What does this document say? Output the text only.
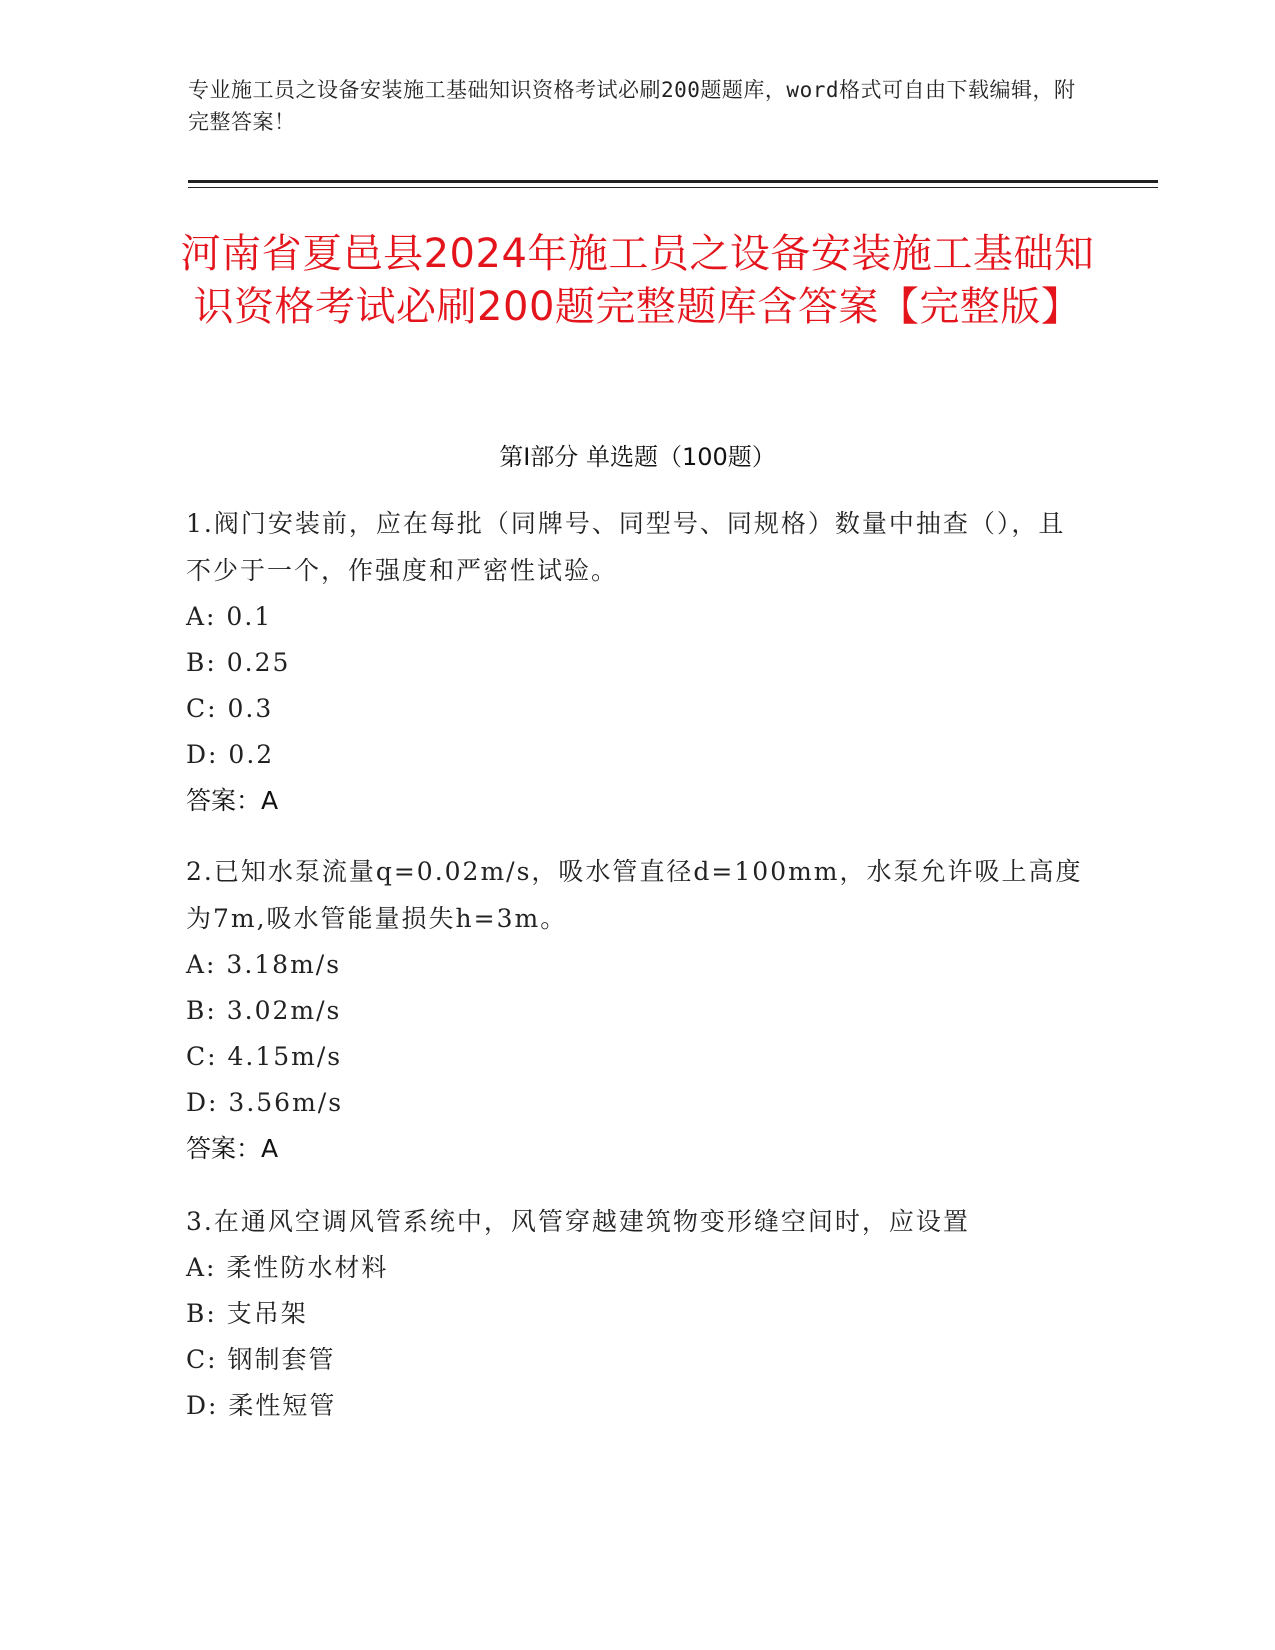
专业施工员之设备安装施工基础知识资格考试必刷200题题库，word格式可自由下载编辑，附完整答案！
河南省夏邑县2024年施工员之设备安装施工基础知识资格考试必刷200题完整题库含答案【完整版】
第Ⅰ部分 单选题（100题）

1.阀门安装前，应在每批（同牌号、同型号、同规格）数量中抽查（），且不少于一个，作强度和严密性试验。

A: 0.1

B: 0.25

C: 0.3

D: 0.2

答案：A

2.已知水泵流量q=0.02m/s，吸水管直径d=100mm，水泵允许吸上高度为7m,吸水管能量损失h=3m。

A: 3.18m/s

B: 3.02m/s

C: 4.15m/s

D: 3.56m/s

答案：A

3.在通风空调风管系统中，风管穿越建筑物变形缝空间时，应设置

A: 柔性防水材料

B: 支吊架

C: 钢制套管

D: 柔性短管
